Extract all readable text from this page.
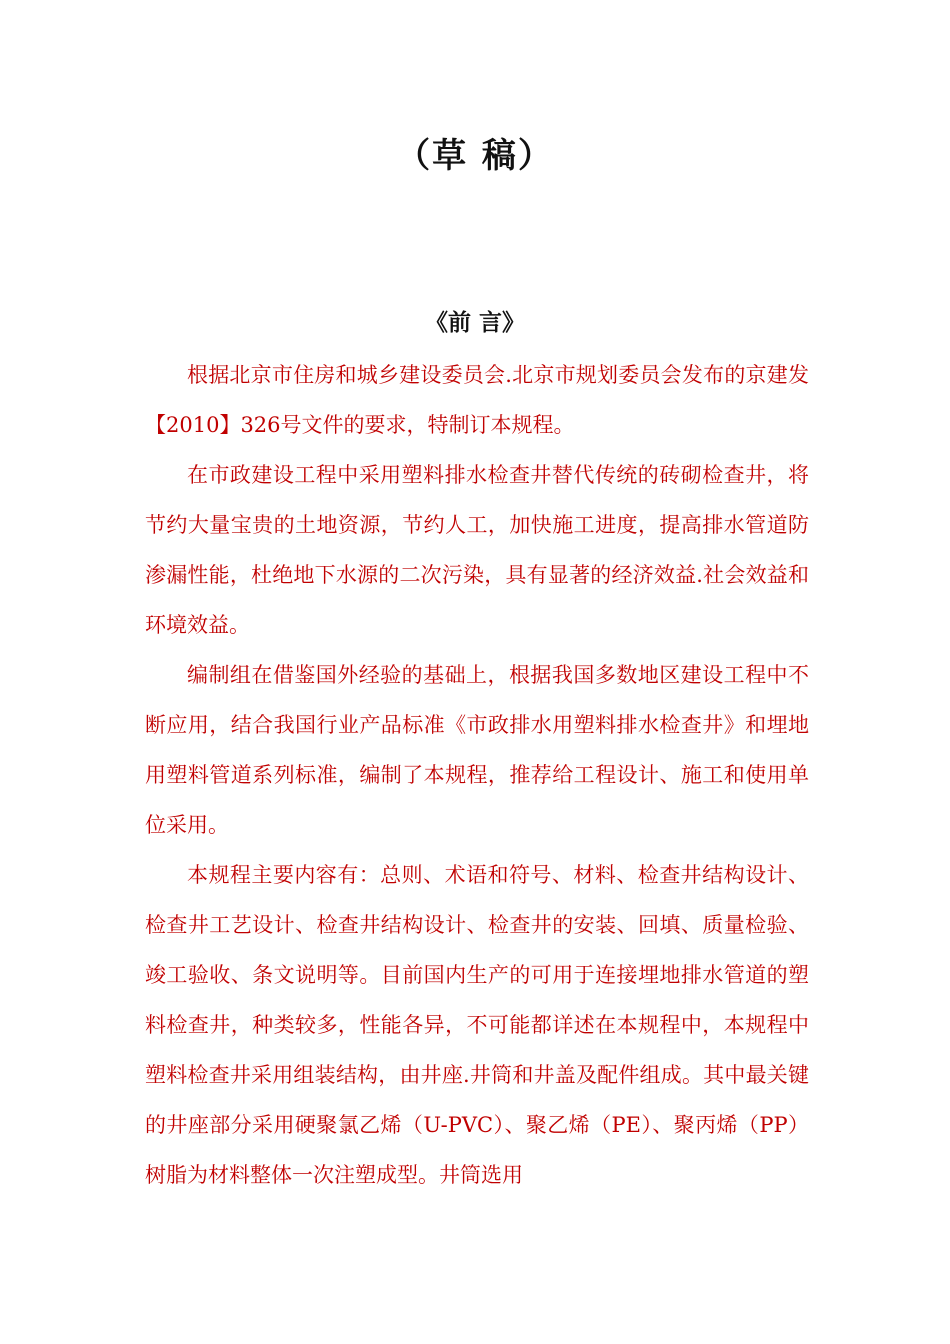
（草 稿）
《前 言》

根据北京市住房和城乡建设委员会.北京市规划委员会发布的京建发【2010】326号文件的要求，特制订本规程。

在市政建设工程中采用塑料排水检查井替代传统的砖砌检查井，将节约大量宝贵的土地资源，节约人工，加快施工进度，提高排水管道防渗漏性能，杜绝地下水源的二次污染，具有显著的经济效益.社会效益和环境效益。

编制组在借鉴国外经验的基础上，根据我国多数地区建设工程中不断应用，结合我国行业产品标准《市政排水用塑料排水检查井》和埋地用塑料管道系列标准，编制了本规程，推荐给工程设计、施工和使用单位采用。

本规程主要内容有：总则、术语和符号、材料、检查井结构设计、检查井工艺设计、检查井结构设计、检查井的安装、回填、质量检验、竣工验收、条文说明等。目前国内生产的可用于连接埋地排水管道的塑料检查井，种类较多，性能各异，不可能都详述在本规程中，本规程中塑料检查井采用组装结构，由井座.井筒和井盖及配件组成。其中最关键的井座部分采用硬聚氯乙烯（U-PVC）、聚乙烯（PE）、聚丙烯（PP）树脂为材料整体一次注塑成型。井筒选用
